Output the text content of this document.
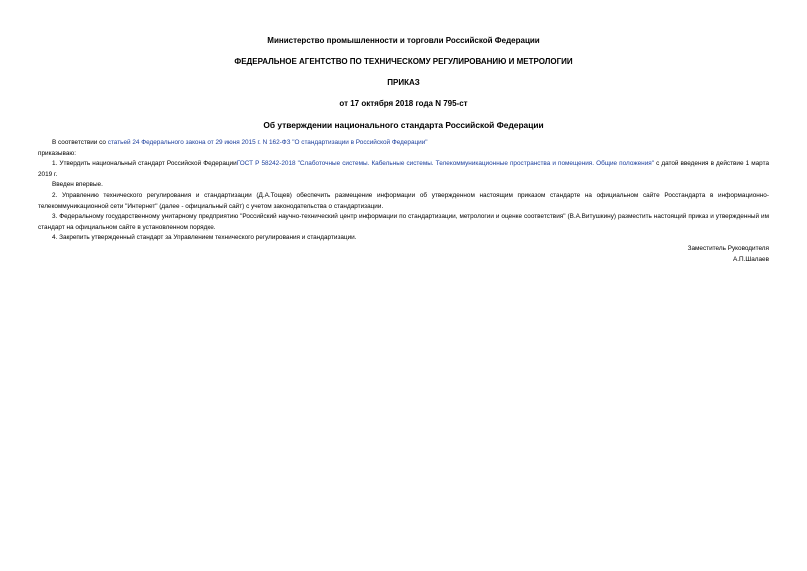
Министерство промышленности и торговли Российской Федерации

ФЕДЕРАЛЬНОЕ АГЕНТСТВО ПО ТЕХНИЧЕСКОМУ РЕГУЛИРОВАНИЮ И МЕТРОЛОГИИ

ПРИКАЗ

от 17 октября 2018 года N 795-ст

Об утверждении национального стандарта Российской Федерации

В соответствии со статьей 24 Федерального закона от 29 июня 2015 г. N 162-ФЗ "О стандартизации в Российской Федерации"

приказываю:

1. Утвердить национальный стандарт Российской ФедерацииГОСТ Р 58242-2018 "Слаботочные системы. Кабельные системы. Телекоммуникационные пространства и помещения. Общие положения" с датой введения в действие 1 марта 2019 г.

Введен впервые.

2. Управлению технического регулирования и стандартизации (Д.А.Тощев) обеспечить размещение информации об утвержденном настоящим приказом стандарте на официальном сайте Росстандарта в информационно-телекоммуникационной сети "Интернет" (далее - официальный сайт) с учетом законодательства о стандартизации.

3. Федеральному государственному унитарному предприятию "Российский научно-технический центр информации по стандартизации, метрологии и оценке соответствия" (В.А.Витушкину) разместить настоящий приказ и утвержденный им стандарт на официальном сайте в установленном порядке.

4. Закрепить утвержденный стандарт за Управлением технического регулирования и стандартизации.

Заместитель Руководителя
А.П.Шалаев
